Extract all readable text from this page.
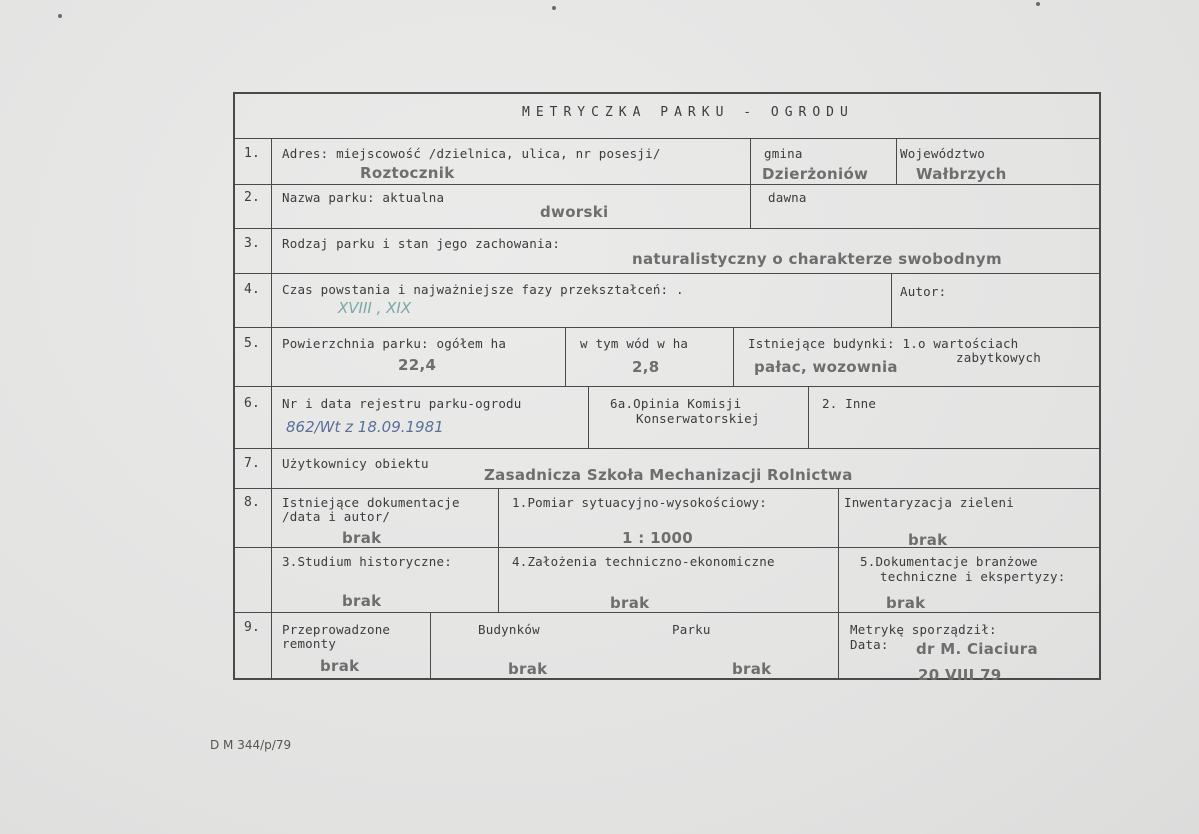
METRYCZKA PARKU - OGRODU
1. Adres: miejscowość /dzielnica, ulica, nr posesji/
Roztocznik
gmina
Dzierżoniów
Województwo
Wałbrzych
2. Nazwa parku: aktualna
dworski
dawna
3. Rodzaj parku i stan jego zachowania:
naturalistyczny o charakterze swobodnym
4. Czas powstania i najważniejsze fazy przekształceń: .
XVIII , XIX
Autor:
5. Powierzchnia parku: ogółem ha
22,4
w tym wód w ha
2,8
Istniejące budynki: 1.o wartościach
zabytkowych
pałac, wozownia
6. Nr i data rejestru parku-ogrodu
862/Wt z 18.09.1981
6a.Opinia Komisji
Konserwatorskiej
2. Inne
7. Użytkownicy obiektu
Zasadnicza Szkoła Mechanizacji Rolnictwa
8. Istniejące dokumentacje
/data i autor/
brak
1.Pomiar sytuacyjno-wysokościowy:
1 : 1000
Inwentaryzacja zieleni
brak
3.Studium historyczne:
brak
4.Założenia techniczno-ekonomiczne
brak
5.Dokumentacje branżowe
techniczne i ekspertyzy:
brak
9. Przeprowadzone
remonty
brak
Budynków
brak
Parku
brak
Metrykę sporządził:
Data: dr M. Ciaciura
20 VIII 79
D M 344/p/79
